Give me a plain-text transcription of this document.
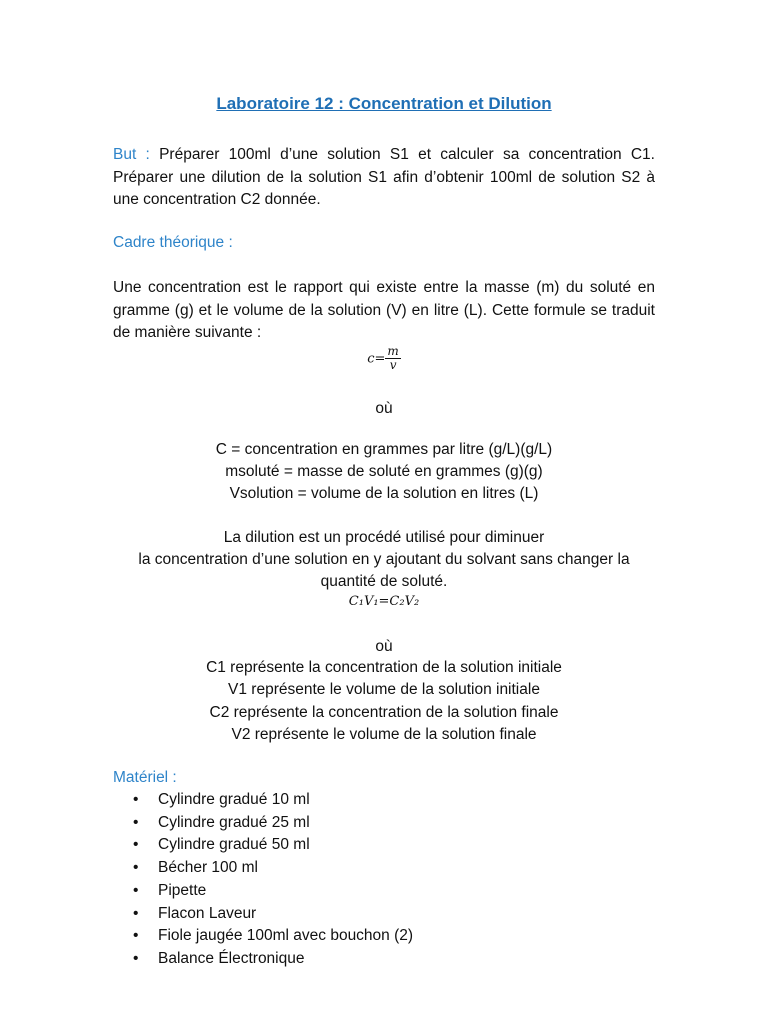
Laboratoire 12 : Concentration et Dilution
But : Préparer 100ml d’une solution S1 et calculer sa concentration C1. Préparer une dilution de la solution S1 afin d’obtenir 100ml de solution S2 à une concentration C2 donnée.
Cadre théorique :
Une concentration est le rapport qui existe entre la masse (m) du soluté en gramme (g) et le volume de la solution (V) en litre (L). Cette formule se traduit de manière suivante :
$c= \frac{m}{v}$
où
C = concentration en grammes par litre (g/L)(g/L)
msoluté = masse de soluté en grammes (g)(g)
Vsolution = volume de la solution en litres (L)
La dilution est un procédé utilisé pour diminuer
la concentration d’une solution en y ajoutant du solvant sans changer la
quantité de soluté.
C₁V₁=C₂V₂
où
C1 représente la concentration de la solution initiale
V1 représente le volume de la solution initiale
C2 représente la concentration de la solution finale
V2 représente le volume de la solution finale
Matériel :
• Cylindre gradué 10 ml
• Cylindre gradué 25 ml
• Cylindre gradué 50 ml
• Bécher 100 ml
• Pipette
• Flacon Laveur
• Fiole jaugée 100ml avec bouchon (2)
• Balance Électronique
